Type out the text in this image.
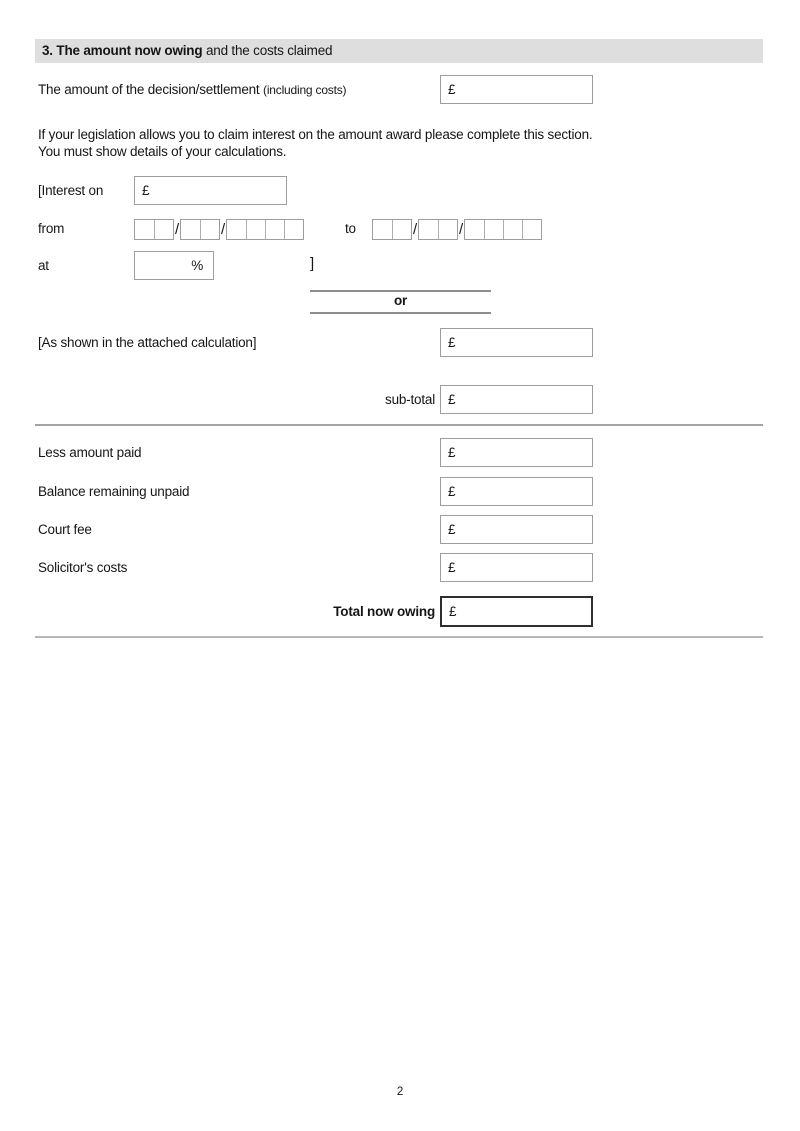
3. The amount now owing and the costs claimed
The amount of the decision/settlement (including costs)	£
If your legislation allows you to claim interest on the amount award please complete this section.
You must show details of your calculations.
[Interest on	£
from	/	/	to	/	/
at	%	]
or
[As shown in the attached calculation]	£
sub-total £
Less amount paid	£
Balance remaining unpaid	£
Court fee	£
Solicitor's costs	£
Total now owing	£
2
